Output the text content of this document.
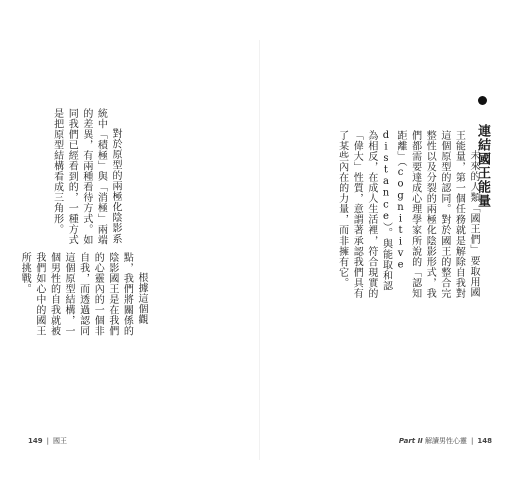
對於原型的兩極化陰影系統中「積極」與「消極」兩端的差異，有兩種看待方式。如同我們已經看到的，一種方式是把原型結構看成三角形。

根據這個觀點，我們將關係的陰影國王是在我們的心靈內的一個非自我，而透過認同這個原型結構，一個男性的自我就被我們如心中的國王所挑戰。

149 | 國王
連結國王能量

未來的人類「國王們」要取用國王能量，第一個任務就是解除自我對這個原型的認同。對於國王的整合完整性以及分裂的兩極化陰影形式，我們都需要達成心理學家所說的「認知距離」（cognitive distance）。與能取和認為相反，在成人生活裡，符合現實的「偉大」性質，意謂著承認我們具有了某些內在的力量，而非擁有它。

Part II 解讀男性心靈 | 148
